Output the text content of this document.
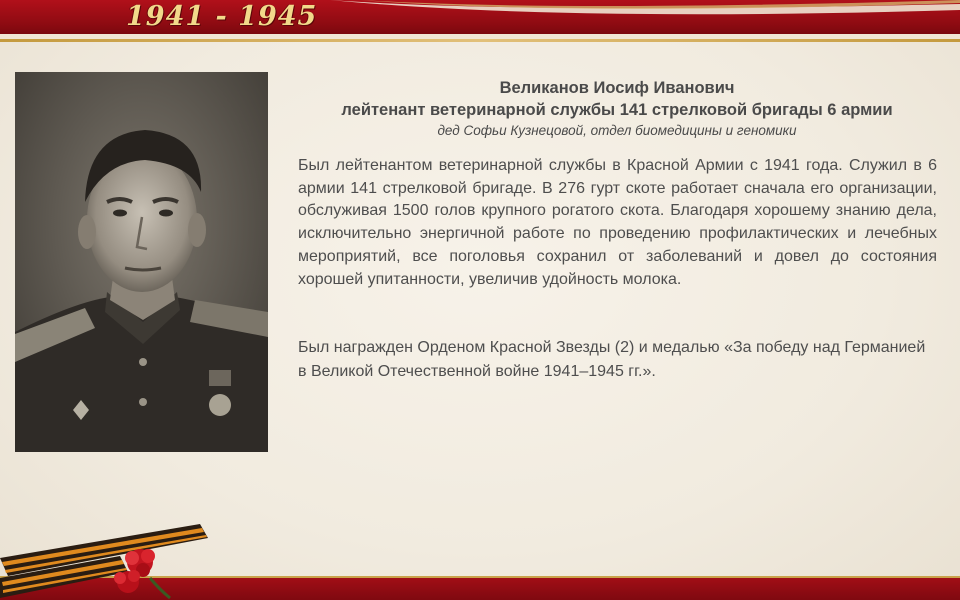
1941 - 1945
Великанов Иосиф Иванович
лейтенант ветеринарной службы 141 стрелковой бригады 6 армии
дед Софьи Кузнецовой, отдел биомедицины и геномики

Был лейтенантом ветеринарной службы в Красной Армии с 1941 года. Служил в 6 армии 141 стрелковой бригаде. В 276 гурт скоте работает сначала его организации, обслуживая 1500 голов крупного рогатого скота. Благодаря хорошему знанию дела, исключительно энергичной работе по проведению профилактических и лечебных мероприятий, все поголовья сохранил от заболеваний и довел до состояния хорошей упитанности, увеличив удойность молока.

Был награжден Орденом Красной Звезды (2) и медалью «За победу над Германией в Великой Отечественной войне 1941–1945 гг.».
